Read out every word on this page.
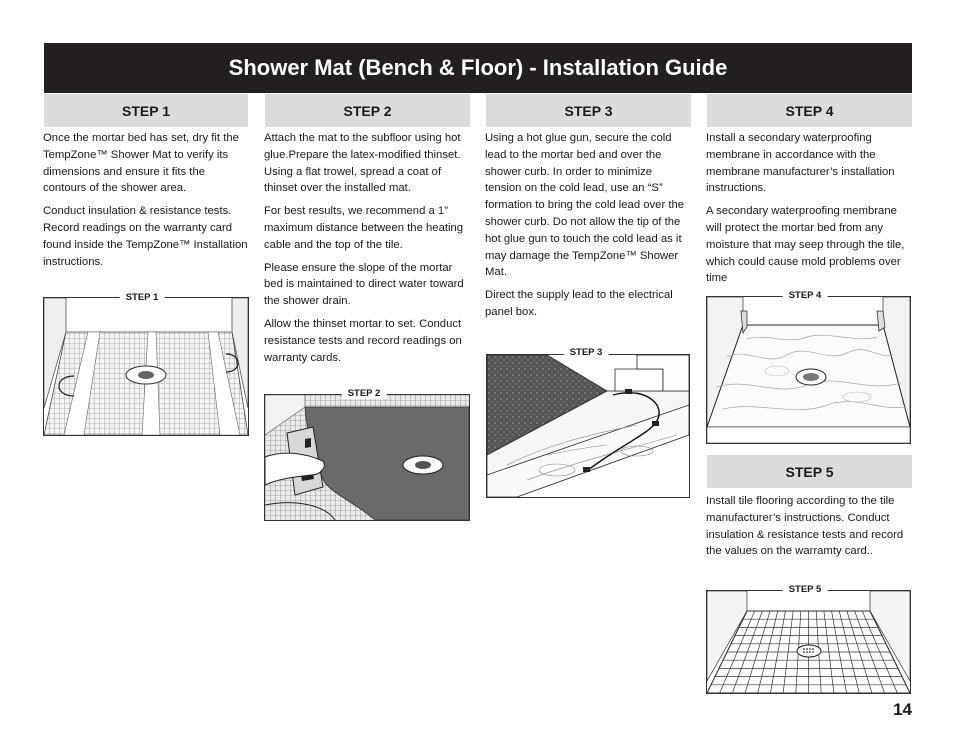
Shower Mat (Bench & Floor) - Installation Guide
STEP 1	STEP 2	STEP 3	STEP 4

Once the mortar bed has set, dry fit the TempZone™ Shower Mat to verify its dimensions and ensure it fits the contours of the shower area.

Conduct insulation & resistance tests. Record readings on the warranty card found inside the TempZone™ Installation instructions.

Attach the mat to the subfloor using hot glue.Prepare the latex-modified thinset. Using a flat trowel, spread a coat of thinset over the installed mat.

For best results, we recommend a 1” maximum distance between the heating cable and the top of the tile.

Please ensure the slope of the mortar bed is maintained to direct water toward the shower drain.

Allow the thinset mortar to set. Conduct resistance tests and record readings on warranty cards.

Using a hot glue gun, secure the cold lead to the mortar bed and over the shower curb. In order to minimize tension on the cold lead, use an “S” formation to bring the cold lead over the shower curb. Do not allow the tip of the hot glue gun to touch the cold lead as it may damage the TempZone™ Shower Mat.

Direct the supply lead to the electrical panel box.

Install a secondary waterproofing membrane in accordance with the membrane manufacturer’s installation instructions.

A secondary waterproofing membrane will protect the mortar bed from any moisture that may seep through the tile, which could cause mold problems over time

STEP 1
STEP 2
STEP 3
STEP 4
STEP 5

Install tile flooring according to the tile manufacturer’s instructions. Conduct insulation & resistance tests and record the values on the warramty card..

STEP 5
14
